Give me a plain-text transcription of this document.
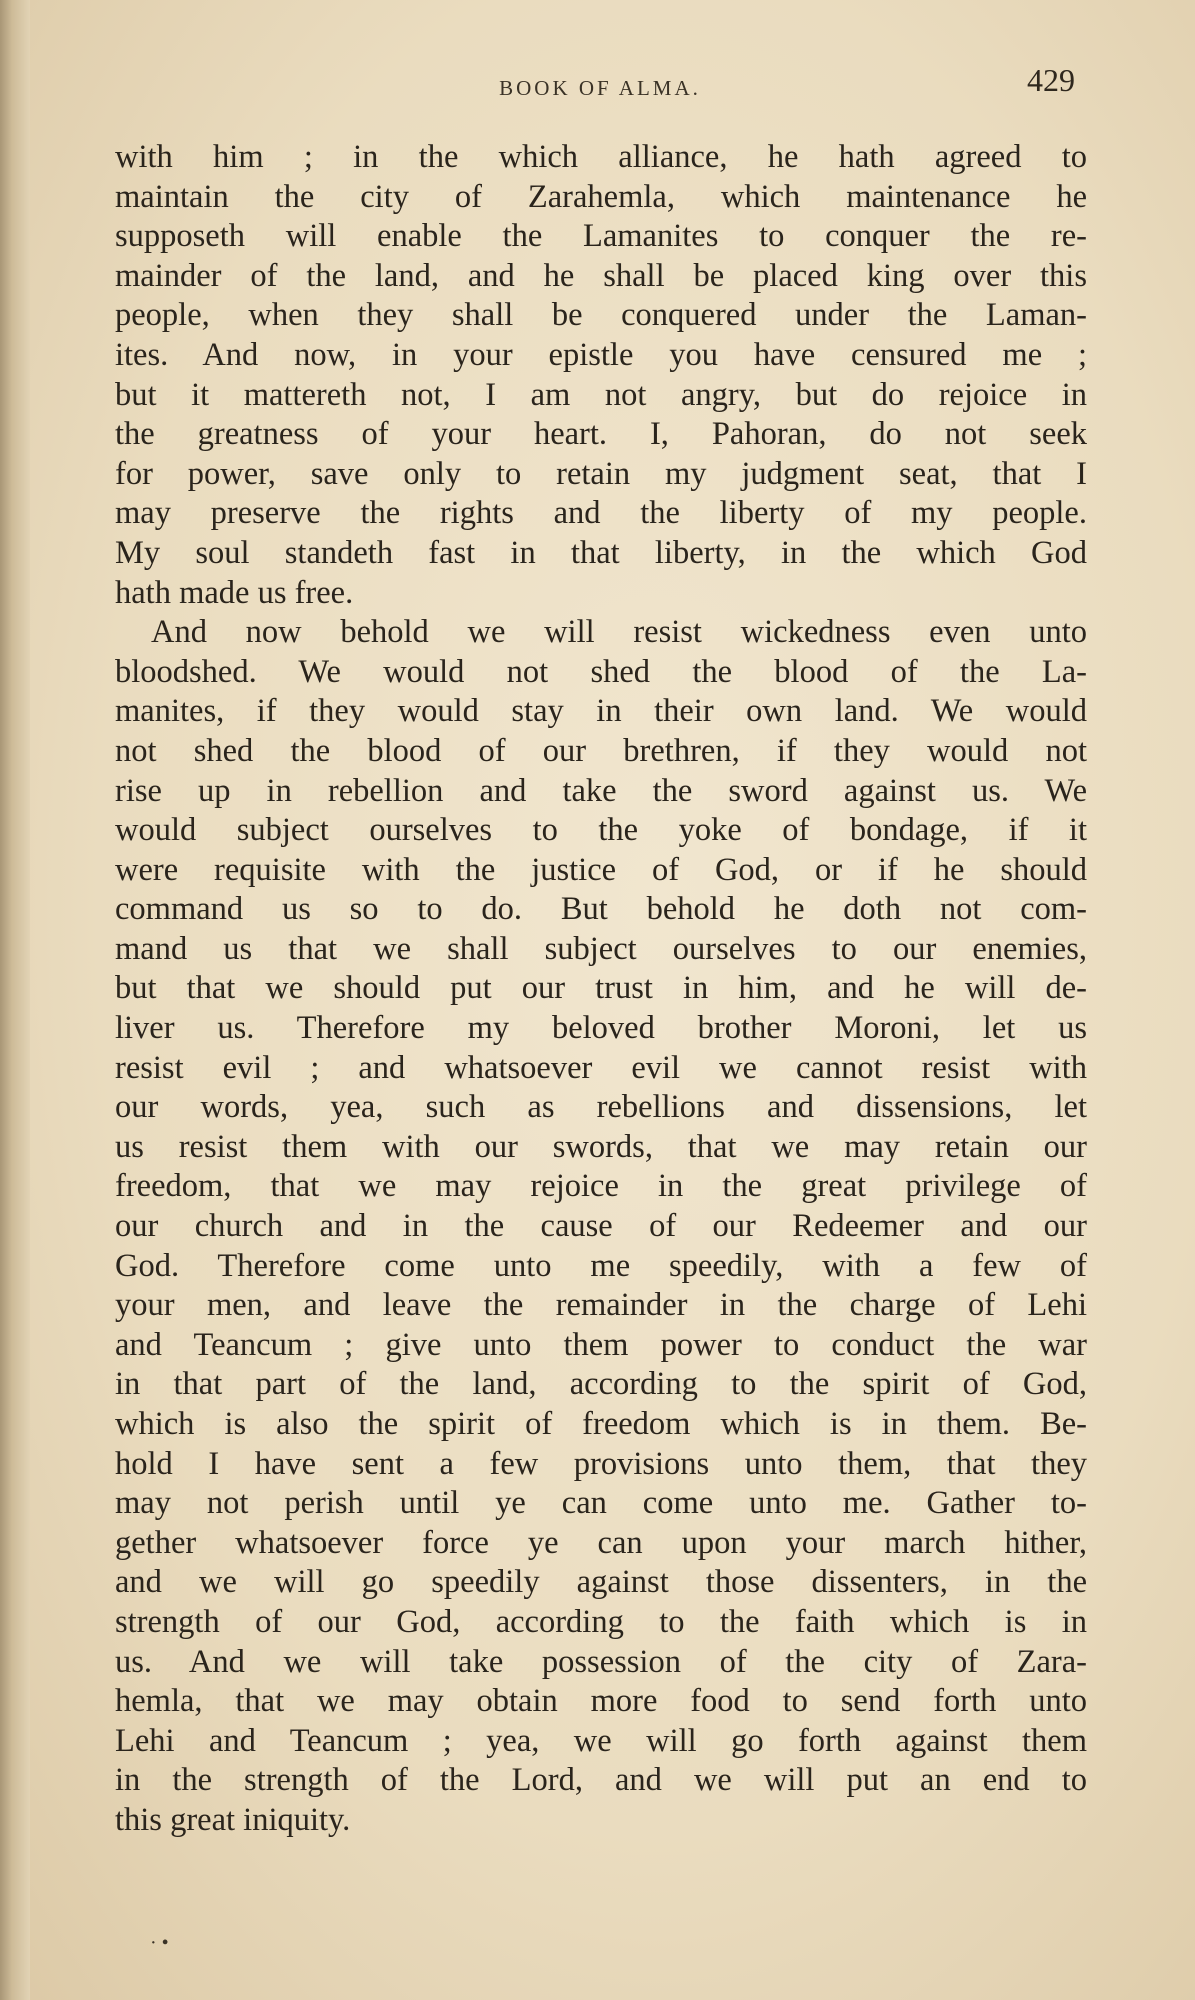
BOOK OF ALMA.	429
with him ; in the which alliance, he hath agreed to
maintain the city of Zarahemla, which maintenance he
supposeth will enable the Lamanites to conquer the re-
mainder of the land, and he shall be placed king over this
people, when they shall be conquered under the Laman-
ites. And now, in your epistle you have censured me ;
but it mattereth not, I am not angry, but do rejoice in
the greatness of your heart. I, Pahoran, do not seek
for power, save only to retain my judgment seat, that I
may preserve the rights and the liberty of my people.
My soul standeth fast in that liberty, in the which God
hath made us free.
And now behold we will resist wickedness even unto
bloodshed. We would not shed the blood of the La-
manites, if they would stay in their own land. We would
not shed the blood of our brethren, if they would not
rise up in rebellion and take the sword against us. We
would subject ourselves to the yoke of bondage, if it
were requisite with the justice of God, or if he should
command us so to do. But behold he doth not com-
mand us that we shall subject ourselves to our enemies,
but that we should put our trust in him, and he will de-
liver us. Therefore my beloved brother Moroni, let us
resist evil ; and whatsoever evil we cannot resist with
our words, yea, such as rebellions and dissensions, let
us resist them with our swords, that we may retain our
freedom, that we may rejoice in the great privilege of
our church and in the cause of our Redeemer and our
God. Therefore come unto me speedily, with a few of
your men, and leave the remainder in the charge of Lehi
and Teancum ; give unto them power to conduct the war
in that part of the land, according to the spirit of God,
which is also the spirit of freedom which is in them. Be-
hold I have sent a few provisions unto them, that they
may not perish until ye can come unto me. Gather to-
gether whatsoever force ye can upon your march hither,
and we will go speedily against those dissenters, in the
strength of our God, according to the faith which is in
us. And we will take possession of the city of Zara-
hemla, that we may obtain more food to send forth unto
Lehi and Teancum ; yea, we will go forth against them
in the strength of the Lord, and we will put an end to
this great iniquity.
· •
